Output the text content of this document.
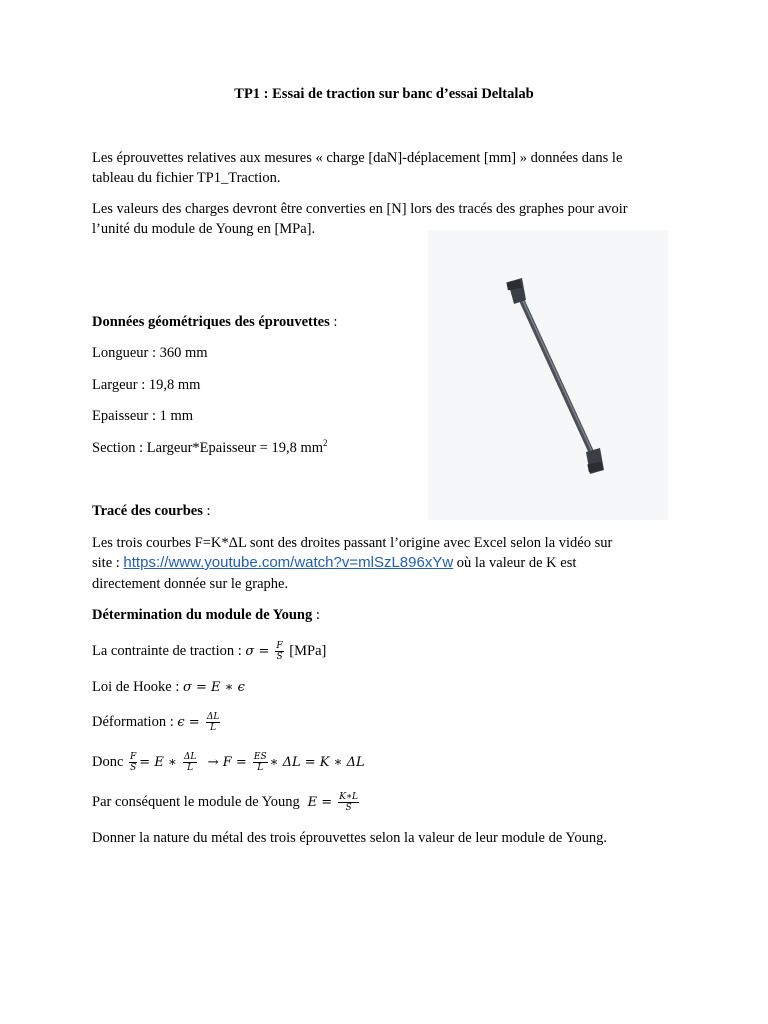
TP1 : Essai de traction sur banc d’essai Deltalab
Les éprouvettes relatives aux mesures « charge [daN]-déplacement [mm] » données dans le
tableau du fichier TP1_Traction.
Les valeurs des charges devront être converties en [N] lors des tracés des graphes pour avoir
l’unité du module de Young en [MPa].
Données géométriques des éprouvettes :
Longueur : 360 mm
Largeur : 19,8 mm
Epaisseur : 1 mm
Section : Largeur*Epaisseur = 19,8 $mm^2$
Tracé des courbes :
Les trois courbes F=K*ΔL sont des droites passant l’origine avec Excel selon la vidéo sur
site : https://www.youtube.com/watch?v=mlSzL896xYw où la valeur de K est
directement donnée sur le graphe.
Détermination du module de Young :
La contrainte de traction : $\sigma = \frac{F}{S} [MPa]$
Loi de Hooke : σ = E ∗ ϵ
Déformation : $\epsilon = \frac{\Delta L}{L}$
Donc $\frac{F}{S} = E$ ∗ $\frac{\Delta L}{L} \to F = \frac{ES}{L}$ ∗ ΔL = K ∗ ΔL
Par conséquent le module de Young  $E = \frac{K∗L}{S}$
Donner la nature du métal des trois éprouvettes selon la valeur de leur module de Young.
